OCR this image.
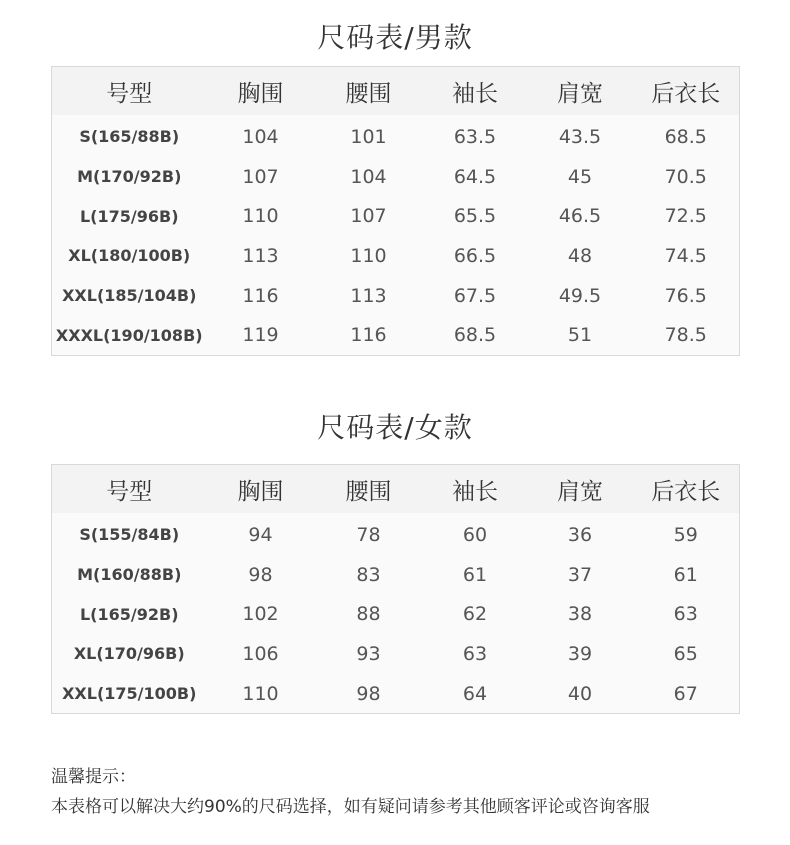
尺码表/男款
号型	胸围	腰围	袖长	肩宽	后衣长
S(165/88B)	104	101	63.5	43.5	68.5
M(170/92B)	107	104	64.5	45	70.5
L(175/96B)	110	107	65.5	46.5	72.5
XL(180/100B)	113	110	66.5	48	74.5
XXL(185/104B)	116	113	67.5	49.5	76.5
XXXL(190/108B)	119	116	68.5	51	78.5
尺码表/女款
号型	胸围	腰围	袖长	肩宽	后衣长
S(155/84B)	94	78	60	36	59
M(160/88B)	98	83	61	37	61
L(165/92B)	102	88	62	38	63
XL(170/96B)	106	93	63	39	65
XXL(175/100B)	110	98	64	40	67
温馨提示：
本表格可以解决大约90%的尺码选择，如有疑问请参考其他顾客评论或咨询客服
